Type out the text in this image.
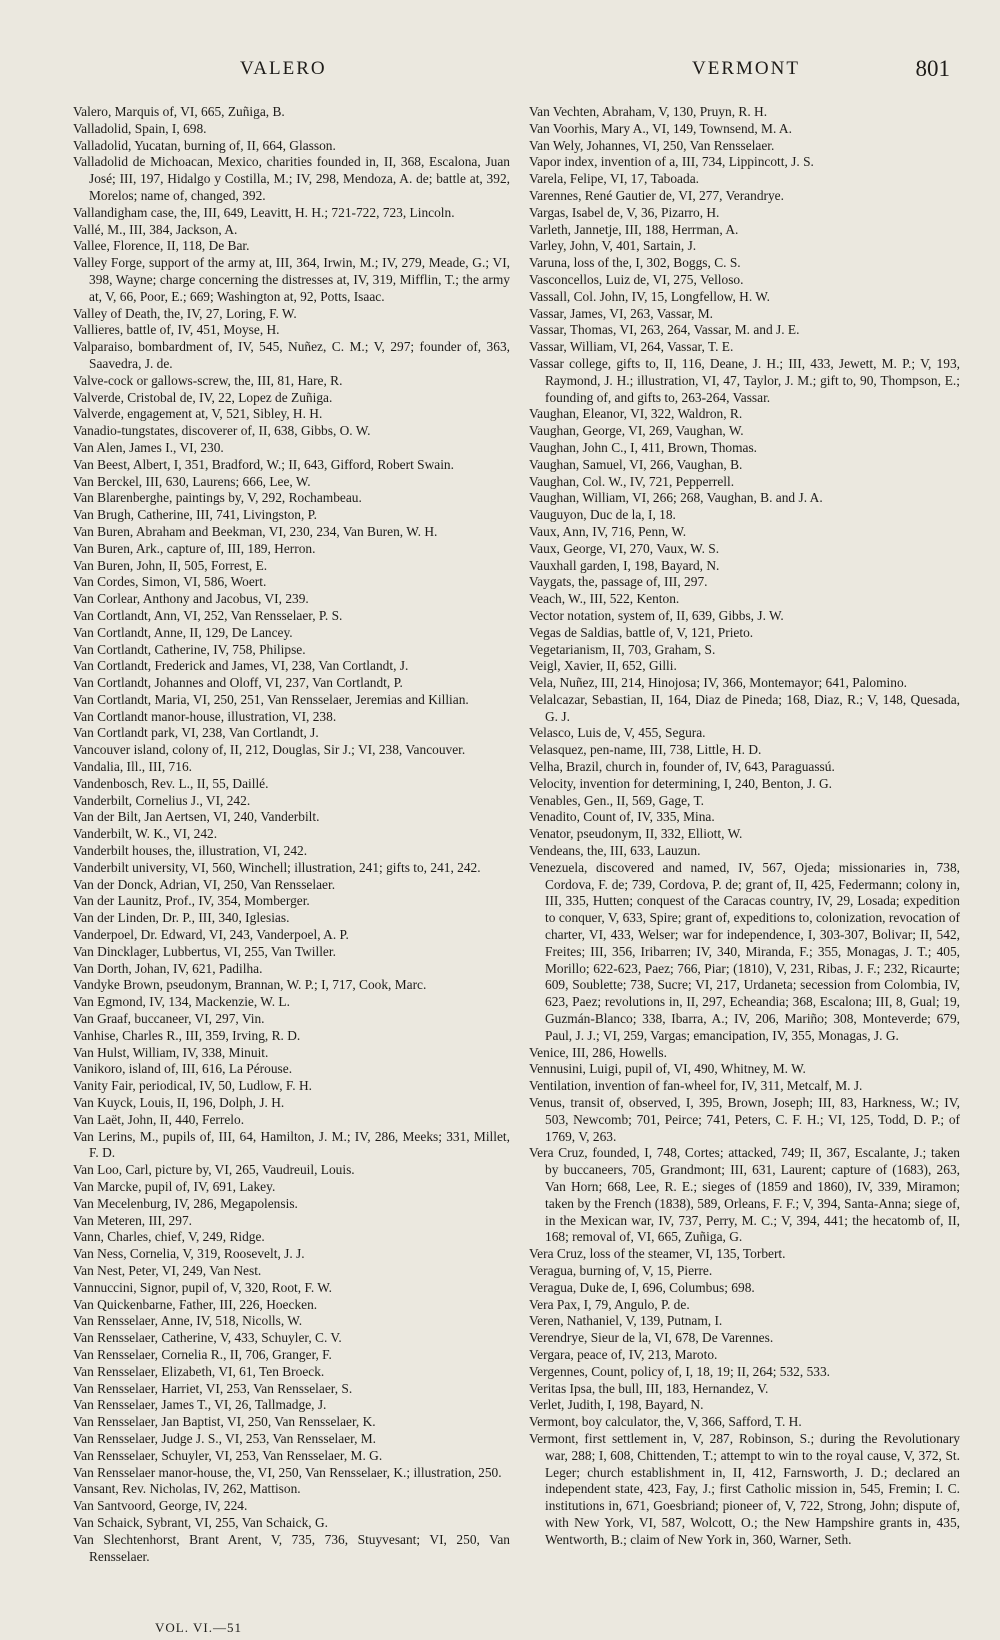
VALERO	VERMONT	801
Valero, Marquis of, VI, 665, Zuñiga, B.
Valladolid, Spain, I, 698.
Valladolid, Yucatan, burning of, II, 664, Glasson.
Valladolid de Michoacan, Mexico, charities founded in, II, 368, Escalona, Juan José; III, 197, Hidalgo y Costilla, M.; IV, 298, Mendoza, A. de; battle at, 392, Morelos; name of, changed, 392.
Vallandigham case, the, III, 649, Leavitt, H. H.; 721-722, 723, Lincoln.
Vallé, M., III, 384, Jackson, A.
Vallee, Florence, II, 118, De Bar.
Valley Forge, support of the army at, III, 364, Irwin, M.; IV, 279, Meade, G.; VI, 398, Wayne; charge concerning the distresses at, IV, 319, Mifflin, T.; the army at, V, 66, Poor, E.; 669; Washington at, 92, Potts, Isaac.
Valley of Death, the, IV, 27, Loring, F. W.
Vallieres, battle of, IV, 451, Moyse, H.
Valparaiso, bombardment of, IV, 545, Nuñez, C. M.; V, 297; founder of, 363, Saavedra, J. de.
Valve-cock or gallows-screw, the, III, 81, Hare, R.
Valverde, Cristobal de, IV, 22, Lopez de Zuñiga.
Valverde, engagement at, V, 521, Sibley, H. H.
Vanadio-tungstates, discoverer of, II, 638, Gibbs, O. W.
Van Alen, James I., VI, 230.
Van Beest, Albert, I, 351, Bradford, W.; II, 643, Gifford, Robert Swain.
Van Berckel, III, 630, Laurens; 666, Lee, W.
Van Blarenberghe, paintings by, V, 292, Rochambeau.
Van Brugh, Catherine, III, 741, Livingston, P.
Van Buren, Abraham and Beekman, VI, 230, 234, Van Buren, W. H.
Van Buren, Ark., capture of, III, 189, Herron.
Van Buren, John, II, 505, Forrest, E.
Van Cordes, Simon, VI, 586, Woert.
Van Corlear, Anthony and Jacobus, VI, 239.
Van Cortlandt, Ann, VI, 252, Van Rensselaer, P. S.
Van Cortlandt, Anne, II, 129, De Lancey.
Van Cortlandt, Catherine, IV, 758, Philipse.
Van Cortlandt, Frederick and James, VI, 238, Van Cortlandt, J.
Van Cortlandt, Johannes and Oloff, VI, 237, Van Cortlandt, P.
Van Cortlandt, Maria, VI, 250, 251, Van Rensselaer, Jeremias and Killian.
Van Cortlandt manor-house, illustration, VI, 238.
Van Cortlandt park, VI, 238, Van Cortlandt, J.
Vancouver island, colony of, II, 212, Douglas, Sir J.; VI, 238, Vancouver.
Vandalia, Ill., III, 716.
Vandenbosch, Rev. L., II, 55, Daillé.
Vanderbilt, Cornelius J., VI, 242.
Van der Bilt, Jan Aertsen, VI, 240, Vanderbilt.
Vanderbilt, W. K., VI, 242.
Vanderbilt houses, the, illustration, VI, 242.
Vanderbilt university, VI, 560, Winchell; illustration, 241; gifts to, 241, 242.
Van der Donck, Adrian, VI, 250, Van Rensselaer.
Van der Launitz, Prof., IV, 354, Momberger.
Van der Linden, Dr. P., III, 340, Iglesias.
Vanderpoel, Dr. Edward, VI, 243, Vanderpoel, A. P.
Van Dincklager, Lubbertus, VI, 255, Van Twiller.
Van Dorth, Johan, IV, 621, Padilha.
Vandyke Brown, pseudonym, Brannan, W. P.; I, 717, Cook, Marc.
Van Egmond, IV, 134, Mackenzie, W. L.
Van Graaf, buccaneer, VI, 297, Vin.
Vanhise, Charles R., III, 359, Irving, R. D.
Van Hulst, William, IV, 338, Minuit.
Vanikoro, island of, III, 616, La Pérouse.
Vanity Fair, periodical, IV, 50, Ludlow, F. H.
Van Kuyck, Louis, II, 196, Dolph, J. H.
Van Laët, John, II, 440, Ferrelo.
Van Lerins, M., pupils of, III, 64, Hamilton, J. M.; IV, 286, Meeks; 331, Millet, F. D.
Van Loo, Carl, picture by, VI, 265, Vaudreuil, Louis.
Van Marcke, pupil of, IV, 691, Lakey.
Van Mecelenburg, IV, 286, Megapolensis.
Van Meteren, III, 297.
Vann, Charles, chief, V, 249, Ridge.
Van Ness, Cornelia, V, 319, Roosevelt, J. J.
Van Nest, Peter, VI, 249, Van Nest.
Vannuccini, Signor, pupil of, V, 320, Root, F. W.
Van Quickenbarne, Father, III, 226, Hoecken.
Van Rensselaer, Anne, IV, 518, Nicolls, W.
Van Rensselaer, Catherine, V, 433, Schuyler, C. V.
Van Rensselaer, Cornelia R., II, 706, Granger, F.
Van Rensselaer, Elizabeth, VI, 61, Ten Broeck.
Van Rensselaer, Harriet, VI, 253, Van Rensselaer, S.
Van Rensselaer, James T., VI, 26, Tallmadge, J.
Van Rensselaer, Jan Baptist, VI, 250, Van Rensselaer, K.
Van Rensselaer, Judge J. S., VI, 253, Van Rensselaer, M.
Van Rensselaer, Schuyler, VI, 253, Van Rensselaer, M. G.
Van Rensselaer manor-house, the, VI, 250, Van Rensselaer, K.; illustration, 250.
Vansant, Rev. Nicholas, IV, 262, Mattison.
Van Santvoord, George, IV, 224.
Van Schaick, Sybrant, VI, 255, Van Schaick, G.
Van Slechtenhorst, Brant Arent, V, 735, 736, Stuyvesant; VI, 250, Van Rensselaer.
Van Vechten, Abraham, V, 130, Pruyn, R. H.
Van Voorhis, Mary A., VI, 149, Townsend, M. A.
Van Wely, Johannes, VI, 250, Van Rensselaer.
Vapor index, invention of a, III, 734, Lippincott, J. S.
Varela, Felipe, VI, 17, Taboada.
Varennes, René Gautier de, VI, 277, Verandrye.
Vargas, Isabel de, V, 36, Pizarro, H.
Varleth, Jannetje, III, 188, Herrman, A.
Varley, John, V, 401, Sartain, J.
Varuna, loss of the, I, 302, Boggs, C. S.
Vasconcellos, Luiz de, VI, 275, Velloso.
Vassall, Col. John, IV, 15, Longfellow, H. W.
Vassar, James, VI, 263, Vassar, M.
Vassar, Thomas, VI, 263, 264, Vassar, M. and J. E.
Vassar, William, VI, 264, Vassar, T. E.
Vassar college, gifts to, II, 116, Deane, J. H.; III, 433, Jewett, M. P.; V, 193, Raymond, J. H.; illustration, VI, 47, Taylor, J. M.; gift to, 90, Thompson, E.; founding of, and gifts to, 263-264, Vassar.
Vaughan, Eleanor, VI, 322, Waldron, R.
Vaughan, George, VI, 269, Vaughan, W.
Vaughan, John C., I, 411, Brown, Thomas.
Vaughan, Samuel, VI, 266, Vaughan, B.
Vaughan, Col. W., IV, 721, Pepperrell.
Vaughan, William, VI, 266; 268, Vaughan, B. and J. A.
Vauguyon, Duc de la, I, 18.
Vaux, Ann, IV, 716, Penn, W.
Vaux, George, VI, 270, Vaux, W. S.
Vauxhall garden, I, 198, Bayard, N.
Vaygats, the, passage of, III, 297.
Veach, W., III, 522, Kenton.
Vector notation, system of, II, 639, Gibbs, J. W.
Vegas de Saldias, battle of, V, 121, Prieto.
Vegetarianism, II, 703, Graham, S.
Veigl, Xavier, II, 652, Gilli.
Vela, Nuñez, III, 214, Hinojosa; IV, 366, Montemayor; 641, Palomino.
Velalcazar, Sebastian, II, 164, Diaz de Pineda; 168, Diaz, R.; V, 148, Quesada, G. J.
Velasco, Luis de, V, 455, Segura.
Velasquez, pen-name, III, 738, Little, H. D.
Velha, Brazil, church in, founder of, IV, 643, Paraguassú.
Velocity, invention for determining, I, 240, Benton, J. G.
Venables, Gen., II, 569, Gage, T.
Venadito, Count of, IV, 335, Mina.
Venator, pseudonym, II, 332, Elliott, W.
Vendeans, the, III, 633, Lauzun.
Venezuela, discovered and named, IV, 567, Ojeda; missionaries in, 738, Cordova, F. de; 739, Cordova, P. de; grant of, II, 425, Federmann; colony in, III, 335, Hutten; conquest of the Caracas country, IV, 29, Losada; expedition to conquer, V, 633, Spire; grant of, expeditions to, colonization, revocation of charter, VI, 433, Welser; war for independence, I, 303-307, Bolivar; II, 542, Freites; III, 356, Iribarren; IV, 340, Miranda, F.; 355, Monagas, J. T.; 405, Morillo; 622-623, Paez; 766, Piar; (1810), V, 231, Ribas, J. F.; 232, Ricaurte; 609, Soublette; 738, Sucre; VI, 217, Urdaneta; secession from Colombia, IV, 623, Paez; revolutions in, II, 297, Echeandia; 368, Escalona; III, 8, Gual; 19, Guzmán-Blanco; 338, Ibarra, A.; IV, 206, Mariño; 308, Monteverde; 679, Paul, J. J.; VI, 259, Vargas; emancipation, IV, 355, Monagas, J. G.
Venice, III, 286, Howells.
Vennusini, Luigi, pupil of, VI, 490, Whitney, M. W.
Ventilation, invention of fan-wheel for, IV, 311, Metcalf, M. J.
Venus, transit of, observed, I, 395, Brown, Joseph; III, 83, Harkness, W.; IV, 503, Newcomb; 701, Peirce; 741, Peters, C. F. H.; VI, 125, Todd, D. P.; of 1769, V, 263.
Vera Cruz, founded, I, 748, Cortes; attacked, 749; II, 367, Escalante, J.; taken by buccaneers, 705, Grandmont; III, 631, Laurent; capture of (1683), 263, Van Horn; 668, Lee, R. E.; sieges of (1859 and 1860), IV, 339, Miramon; taken by the French (1838), 589, Orleans, F. F.; V, 394, Santa-Anna; siege of, in the Mexican war, IV, 737, Perry, M. C.; V, 394, 441; the hecatomb of, II, 168; removal of, VI, 665, Zuñiga, G.
Vera Cruz, loss of the steamer, VI, 135, Torbert.
Veragua, burning of, V, 15, Pierre.
Veragua, Duke de, I, 696, Columbus; 698.
Vera Pax, I, 79, Angulo, P. de.
Veren, Nathaniel, V, 139, Putnam, I.
Verendrye, Sieur de la, VI, 678, De Varennes.
Vergara, peace of, IV, 213, Maroto.
Vergennes, Count, policy of, I, 18, 19; II, 264; 532, 533.
Veritas Ipsa, the bull, III, 183, Hernandez, V.
Verlet, Judith, I, 198, Bayard, N.
Vermont, boy calculator, the, V, 366, Safford, T. H.
Vermont, first settlement in, V, 287, Robinson, S.; during the Revolutionary war, 288; I, 608, Chittenden, T.; attempt to win to the royal cause, V, 372, St. Leger; church establishment in, II, 412, Farnsworth, J. D.; declared an independent state, 423, Fay, J.; first Catholic mission in, 545, Fremin; I. C. institutions in, 671, Goesbriand; pioneer of, V, 722, Strong, John; dispute of, with New York, VI, 587, Wolcott, O.; the New Hampshire grants in, 435, Wentworth, B.; claim of New York in, 360, Warner, Seth.
VOL. VI.—51
